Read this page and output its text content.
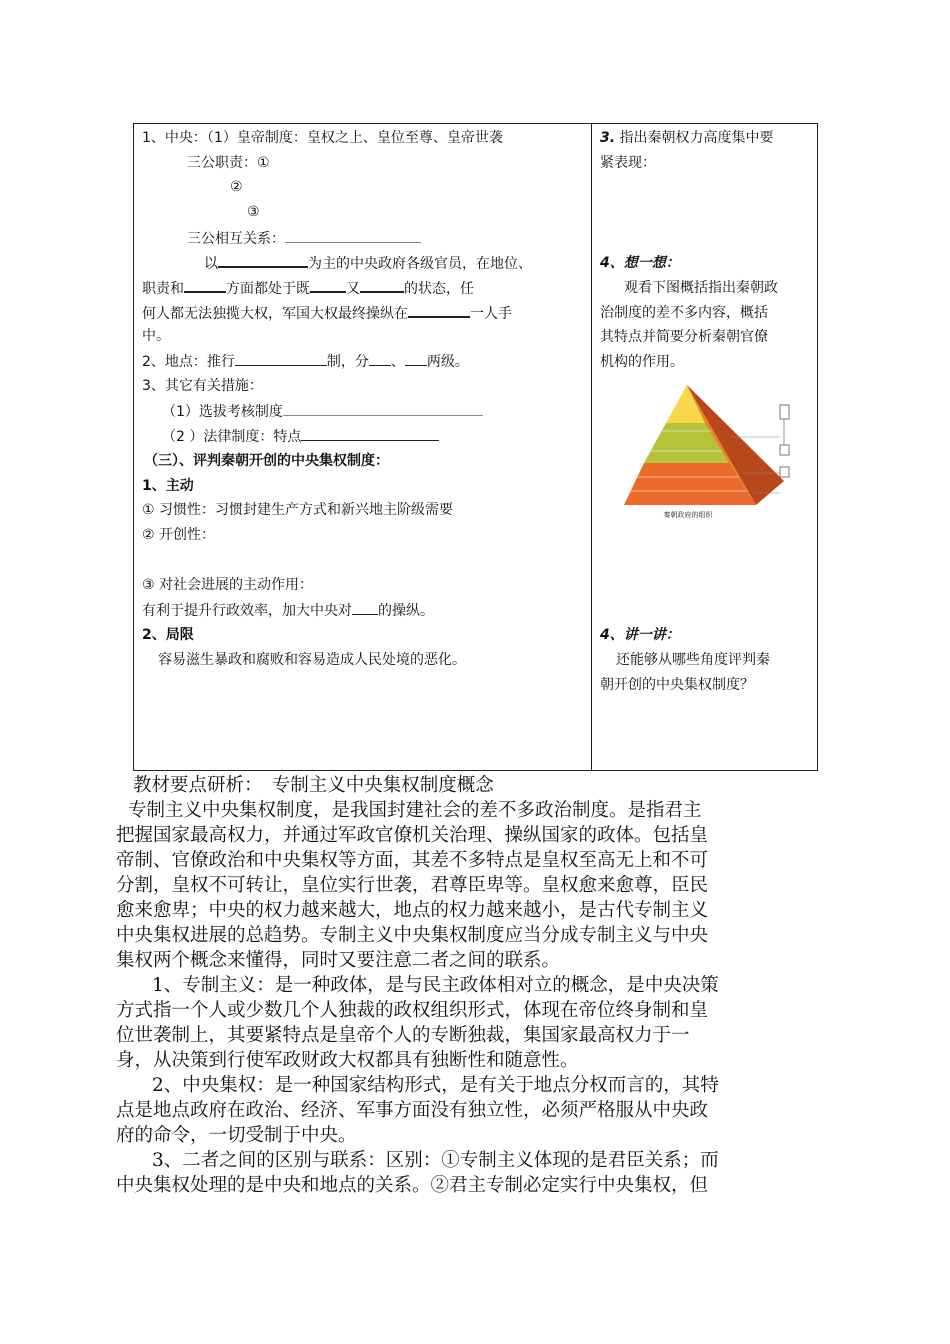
1、中央：（1）皇帝制度：皇权之上、皇位至尊、皇帝世袭
三公职责：①
②
③
三公相互关系：
以	为主的中央政府各级官员，在地位、
职责和	方面都处于既	又	的状态，任
何人都无法独揽大权，军国大权最终操纵在	一人手
中。
2、地点：推行	制，分 、 两级。
3、其它有关措施：
（1）选拔考核制度
（2 ）法律制度：特点
（三）、评判秦朝开创的中央集权制度：
1、主动
① 习惯性：习惯封建生产方式和新兴地主阶级需要
② 开创性：
③ 对社会进展的主动作用：
有利于提升行政效率，加大中央对 的操纵。
2、局限
容易滋生暴政和腐败和容易造成人民处境的恶化。
3. 指出秦朝权力高度集中要
紧表现：
4、想一想：
观看下图概括指出秦朝政
治制度的差不多内容，概括
其特点并简要分析秦朝官僚
机构的作用。
秦朝政府的组织
4、讲一讲：
还能够从哪些角度评判秦
朝开创的中央集权制度？
教材要点研析：　专制主义中央集权制度概念

专制主义中央集权制度，是我国封建社会的差不多政治制度。是指君主

把握国家最高权力，并通过军政官僚机关治理、操纵国家的政体。包括皇

帝制、官僚政治和中央集权等方面，其差不多特点是皇权至高无上和不可

分割，皇权不可转让，皇位实行世袭，君尊臣卑等。皇权愈来愈尊，臣民

愈来愈卑；中央的权力越来越大，地点的权力越来越小，是古代专制主义

中央集权进展的总趋势。专制主义中央集权制度应当分成专制主义与中央

集权两个概念来懂得，同时又要注意二者之间的联系。

1、专制主义：是一种政体，是与民主政体相对立的概念，是中央决策

方式指一个人或少数几个人独裁的政权组织形式，体现在帝位终身制和皇

位世袭制上，其要紧特点是皇帝个人的专断独裁，集国家最高权力于一

身，从决策到行使军政财政大权都具有独断性和随意性。

2、中央集权：是一种国家结构形式，是有关于地点分权而言的，其特

点是地点政府在政治、经济、军事方面没有独立性，必须严格服从中央政

府的命令，一切受制于中央。

3、二者之间的区别与联系：区别：①专制主义体现的是君臣关系；而

中央集权处理的是中央和地点的关系。②君主专制必定实行中央集权，但
